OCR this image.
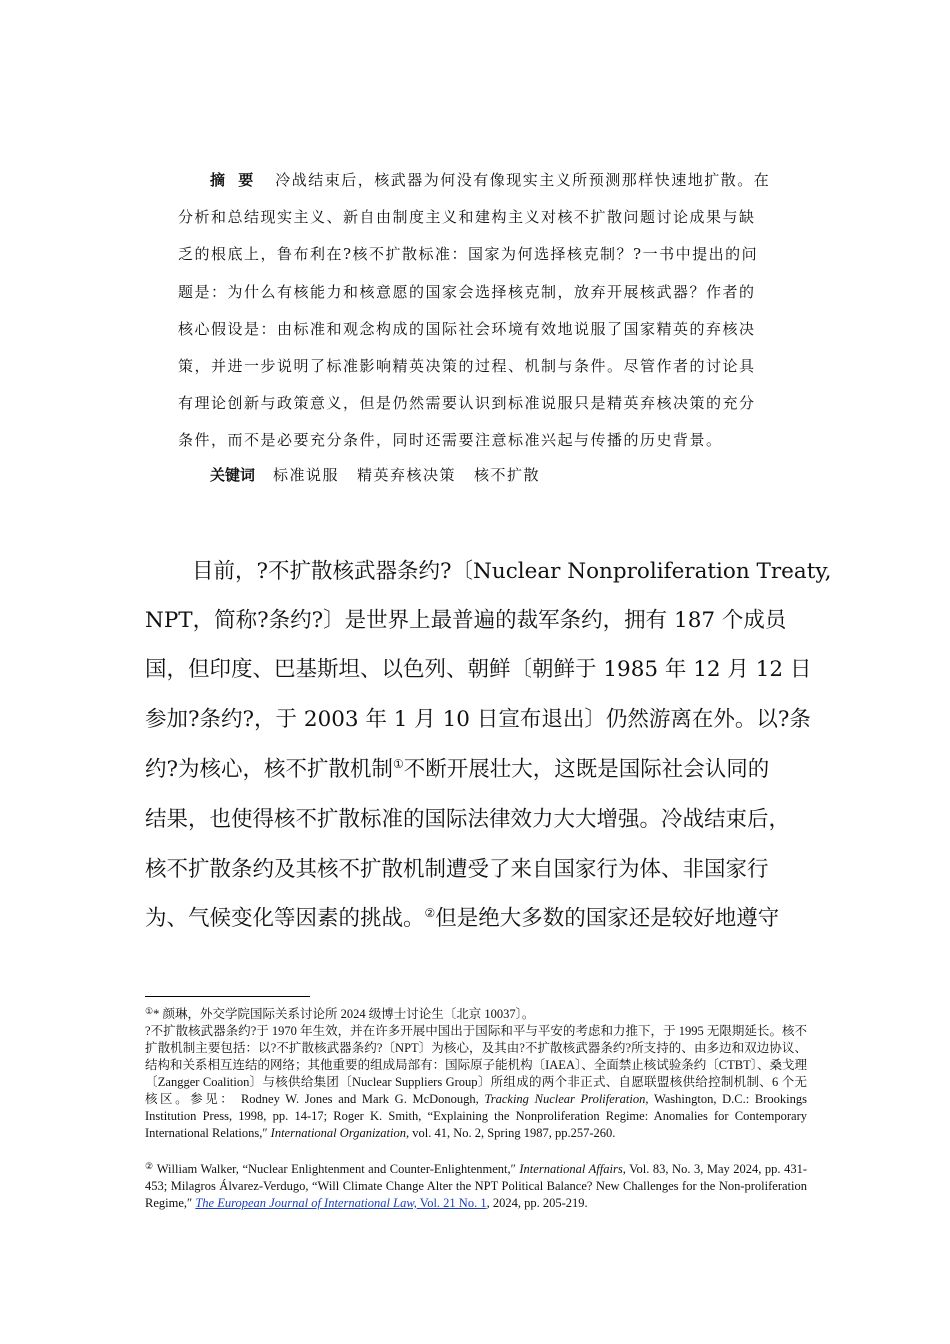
摘 要 冷战结束后，核武器为何没有像现实主义所预测那样快速地扩散。在
分析和总结现实主义、新自由制度主义和建构主义对核不扩散问题讨论成果与缺
乏的根底上，鲁布利在?核不扩散标准：国家为何选择核克制？?一书中提出的问
题是：为什么有核能力和核意愿的国家会选择核克制，放弃开展核武器？作者的
核心假设是：由标准和观念构成的国际社会环境有效地说服了国家精英的弃核决
策，并进一步说明了标准影响精英决策的过程、机制与条件。尽管作者的讨论具
有理论创新与政策意义，但是仍然需要认识到标准说服只是精英弃核决策的充分
条件，而不是必要充分条件，同时还需要注意标准兴起与传播的历史背景。
关键词 标准说服 精英弃核决策 核不扩散
目前，?不扩散核武器条约?〔Nuclear Nonproliferation Treaty,
NPT，简称?条约?〕是世界上最普遍的裁军条约，拥有 187 个成员
国，但印度、巴基斯坦、以色列、朝鲜〔朝鲜于 1985 年 12 月 12 日
参加?条约?，于 2003 年 1 月 10 日宣布退出〕仍然游离在外。以?条
约?为核心，核不扩散机制①不断开展壮大，这既是国际社会认同的
结果，也使得核不扩散标准的国际法律效力大大增强。冷战结束后，
核不扩散条约及其核不扩散机制遭受了来自国家行为体、非国家行
为、气候变化等因素的挑战。②但是绝大多数的国家还是较好地遵守
①* 颜琳，外交学院国际关系讨论所 2024 级博士讨论生〔北京 10037〕。
?不扩散核武器条约?于 1970 年生效，并在许多开展中国出于国际和平与平安的考虑和力推下，于 1995 无限期延长。核不扩散机制主要包括：以?不扩散核武器条约?〔NPT〕为核心，及其由?不扩散核武器条约?所支持的、由多边和双边协议、结构和关系相互连结的网络；其他重要的组成局部有：国际原子能机构〔IAEA〕、全面禁止核试验条约〔CTBT〕、桑戈理〔Zangger Coalition〕与核供给集团〔Nuclear Suppliers Group〕所组成的两个非正式、自愿联盟核供给控制机制、6 个无核区。参见： Rodney W. Jones and Mark G. McDonough, Tracking Nuclear Proliferation, Washington, D.C.: Brookings Institution Press, 1998, pp. 14-17; Roger K. Smith, “Explaining the Nonproliferation Regime: Anomalies for Contemporary International Relations,″ International Organization, vol. 41, No. 2, Spring 1987, pp.257-260.
② William Walker, “Nuclear Enlightenment and Counter-Enlightenment,″ International Affairs, Vol. 83, No. 3, May 2024, pp. 431-453; Milagros Álvarez-Verdugo, “Will Climate Change Alter the NPT Political Balance? New Challenges for the Non-proliferation Regime,″ The European Journal of International Law, Vol. 21 No. 1, 2024, pp. 205-219.
